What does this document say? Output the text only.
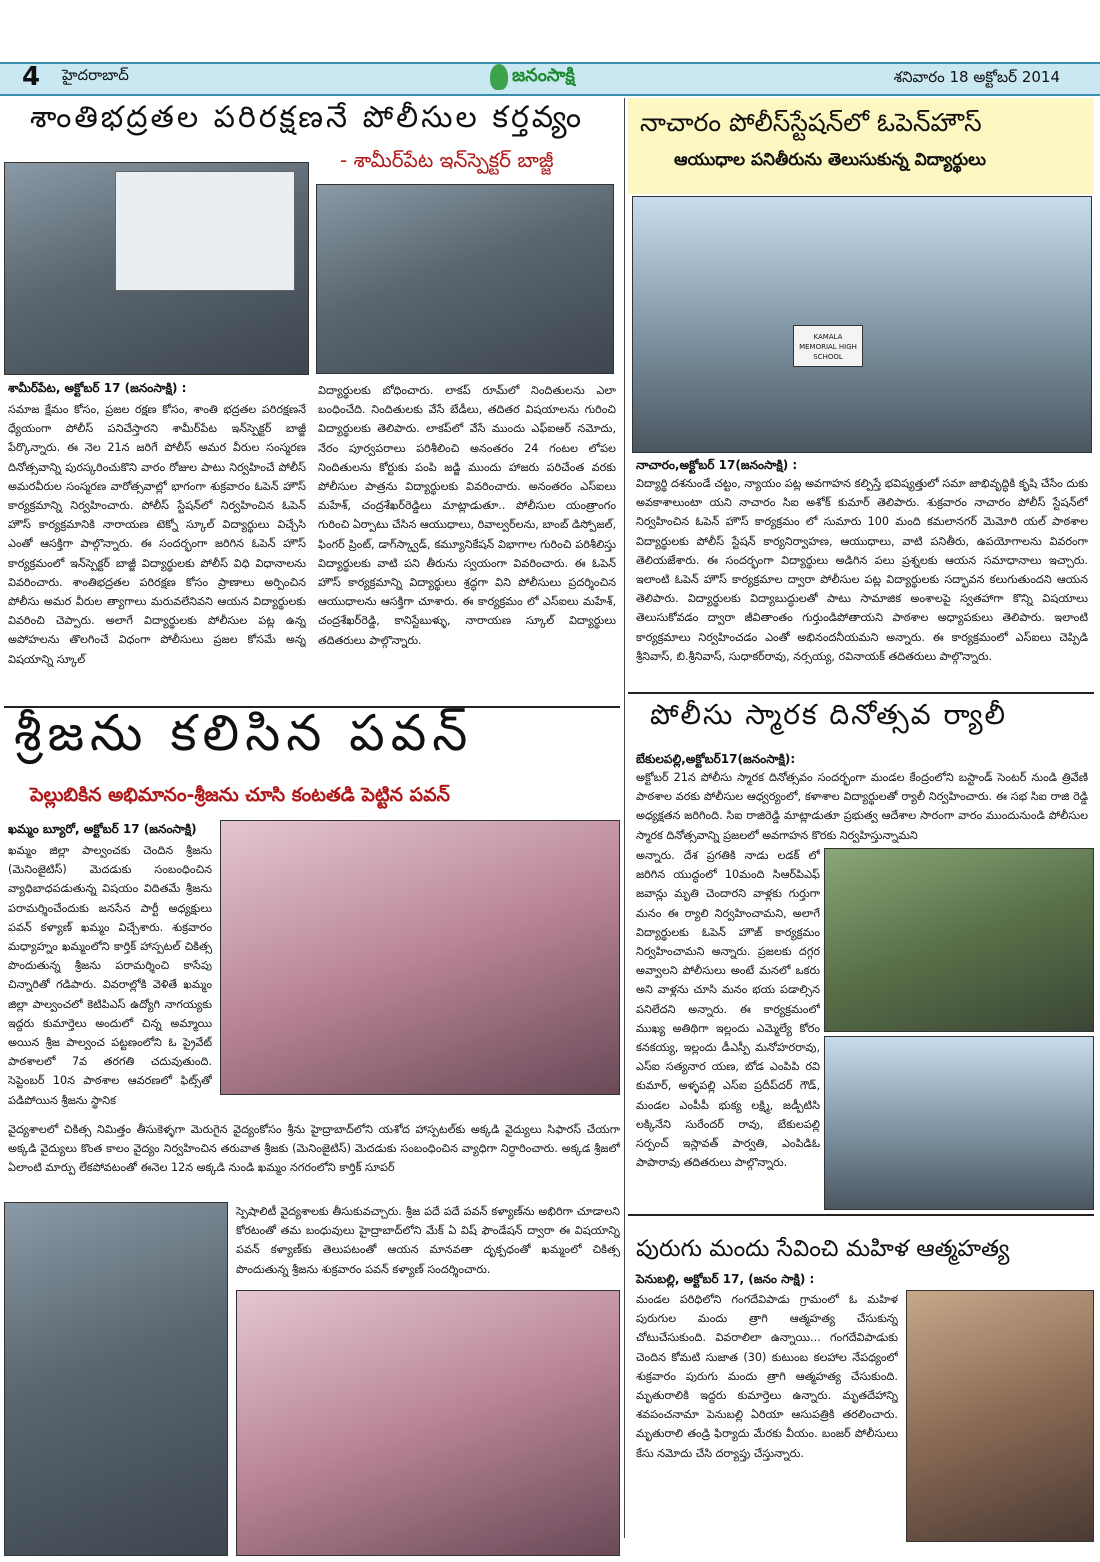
4 హైదరాబాద్	జనంసాక్షి	శనివారం 18 అక్టోబర్ 2014
శాంతిభద్రతల పరిరక్షణనే పోలీసుల కర్తవ్యం
- శామీర్‌పేట ఇన్‌స్పెక్టర్ బాజ్జీ
శామీర్‌పేట, అక్టోబర్ 17 (జనంసాక్షి) :
సమాజ క్షేమం కోసం, ప్రజల రక్షణ కోసం, శాంతి భద్రతల పరిరక్షణనే ధ్యేయంగా పోలీస్ పనిచేస్తారని శామీర్‌పేట ఇన్‌స్పెక్టర్ బాజ్జీ పేర్కొన్నారు. ఈ నెల 21న జరిగే పోలీస్ అమర వీరుల సంస్మరణ దినోత్సవాన్ని పురస్కరించుకొని వారం రోజుల పాటు నిర్వహించే పోలీస్ అమరవీరుల సంస్మరణ వారోత్సవాల్లో భాగంగా శుక్రవారం ఓపెన్ హౌస్ కార్యక్రమాన్ని నిర్వహించారు. పోలీస్ స్టేషన్‌లో నిర్వహించిన ఓపెన్ హౌస్ కార్యక్రమానికి నారాయణ టెక్నో స్కూల్ విద్యార్థులు విచ్చేసి ఎంతో ఆసక్తిగా పాల్గొన్నారు. ఈ సందర్భంగా జరిగిన ఓపెన్ హౌస్ కార్యక్రమంలో ఇన్‌స్పెక్టర్ బాజ్జీ విద్యార్థులకు పోలీస్ విధి విధానాలను వివరించారు. శాంతిభద్రతల పరిరక్షణ కోసం ప్రాణాలు అర్పించిన పోలీసు అమర వీరుల త్యాగాలు మరువలేనివని ఆయన విద్యార్థులకు వివరించి చెప్పారు. అలాగే విద్యార్థులకు పోలీసుల పట్ల ఉన్న అపోహలను తొలగించే విధంగా పోలీసులు ప్రజల కోసమే అన్న విషయాన్ని స్కూల్
విద్యార్థులకు బోధించారు. లాకప్ రూమ్‌లో నిందితులను ఎలా బంధించేది. నిందితులకు వేసే బేడీలు, తదితర విషయాలను గురించి విద్యార్థులకు తెలిపారు. లాకప్‌లో వేసే ముందు ఎఫ్ఐఆర్ నమోదు, నేరం పూర్వపరాలు పరిశీలించి అనంతరం 24 గంటల లోపల నిందితులను కోర్టుకు పంపి జడ్జి ముందు హాజరు పరిచేంత వరకు పోలీసుల పాత్రను విద్యార్థులకు వివరించారు. అనంతరం ఎస్ఐలు మహేశ్, చంద్రశేఖర్‌రెడ్డిలు మాట్లాడుతూ.. పోలీసుల యంత్రాంగం గురించి ఏర్పాటు చేసిన ఆయుధాలు, రివాల్వర్‌లను, బాంబ్ డిస్పోజల్, ఫింగర్ ప్రింట్, డాగ్‌స్క్వాడ్, కమ్యూనికేషన్ విభాగాల గురించి పరిశీలిస్తు విద్యార్థులకు వాటి పని తీరును స్వయంగా వివరించారు. ఈ ఓపెన్ హౌస్ కార్యక్రమాన్ని విద్యార్థులు శ్రద్ధగా విని పోలీసులు ప్రదర్శించిన ఆయుధాలను ఆసక్తిగా చూశారు. ఈ కార్యక్రమం లో ఎస్ఐలు మహేశ్, చంద్రశేఖర్‌రెడ్డి, కానిస్టేబుళ్ళు, నారాయణ స్కూల్ విద్యార్థులు తదితరులు పాల్గొన్నారు.
నాచారం పోలీస్‌స్టేషన్‌లో ఓపెన్‌హౌస్
ఆయుధాల పనితీరును తెలుసుకున్న విద్యార్థులు
KAMALA MEMORIAL HIGH SCHOOL
నాచారం,అక్టోబర్ 17(జనంసాక్షి) :
విద్యార్థి దశనుండే చట్టం, న్యాయం పట్ల అవగాహన కల్పిస్తే భవిష్యత్తులో సమా జాభివృద్ధికి కృషి చేసేం దుకు అవకాశాలుంటా యని నాచారం సిఐ అశోక్ కుమార్ తెలిపారు. శుక్రవారం నాచారం పోలీస్ స్టేషన్‌లో నిర్వహించిన ఓపెన్ హౌస్ కార్యక్రమం లో సుమారు 100 మంది కమలానగర్ మెమోరి యల్ పాఠశాల విద్యార్థులకు పోలీస్ స్టేషన్ కార్యనిర్వాహణ, ఆయుధాలు, వాటి పనితీరు, ఉపయోగాలను వివరంగా తెలియజేశారు. ఈ సందర్భంగా విద్యార్థులు అడిగిన పలు ప్రశ్నలకు ఆయన సమాధానాలు ఇచ్చారు. ఇలాంటి ఓపెన్ హౌస్ కార్యక్రమాల ద్వారా పోలీసుల పట్ల విద్యార్థులకు సద్భావన కలుగుతుందని ఆయన తెలిపారు. విద్యార్థులకు విద్యాబుద్ధులతో పాటు సామాజిక అంశాలపై స్వతహాగా కొన్ని విషయాలు తెలుసుకోవడం ద్వారా జీవితాంతం గుర్తుండిపోతాయని పాఠశాల అధ్యాపకులు తెలిపారు. ఇలాంటి కార్యక్రమాలు నిర్వహించడం ఎంతో అభినందనీయమని అన్నారు. ఈ కార్యక్రమంలో ఎస్ఐలు చెప్పిడి శ్రీనివాస్, బి.శ్రీనివాస్, సుధాకర్‌రావు, నర్సయ్య, రవినాయక్ తదితరులు పాల్గొన్నారు.
శ్రీజను కలిసిన పవన్
పెల్లుబికిన అభిమానం-శ్రీజను చూసి కంటతడి పెట్టిన పవన్
ఖమ్మం బ్యూరో, అక్టోబర్ 17 (జనంసాక్షి)
ఖమ్మం జిల్లా పాల్వంచకు చెందిన శ్రీజను (మెనింజైటిస్) మెదడుకు సంబంధించిన వ్యాధిబాధపడుతున్న విషయం విదితమే శ్రీజను పరామర్శించేందుకు జనసేన పార్టీ అధ్యక్షులు పవన్ కళ్యాణ్ ఖమ్మం విచ్చేశారు. శుక్రవారం మధ్యాహ్నం ఖమ్మంలోని కార్తిక్ హాస్పటల్ చికిత్స పొందుతున్న శ్రీజను పరామర్శించి కాసేపు చిన్నారితో గడిపారు. వివరాల్లోకి వెళితే ఖమ్మం జిల్లా పాల్వంచలో కెటిపిఎస్ ఉద్యోగి నాగయ్యకు ఇద్దరు కుమార్తెలు అందులో చిన్న అమ్మాయి అయిన శ్రీజ పాల్వంచ పట్టణంలోని ఓ ప్రైవేట్ పాఠశాలలో 7వ తరగతి చదువుతుంది. సెప్టెంబర్ 10న పాఠశాల ఆవరణలో ఫిట్స్‌తో పడిపోయిన శ్రీజను స్థానిక
వైద్యశాలలో చికిత్స నిమిత్తం తీసుకెళ్ళగా మెరుగైన వైద్యంకోసం శ్రీను హైద్రాబాద్‌లోని యశోద హాస్పటల్‌కు అక్కడి వైద్యులు సిఫారస్ చేయగా అక్కడి వైద్యులు కొంత కాలం వైద్యం నిర్వహించిన తరువాత శ్రీజకు (మెనింజైటిస్) మెదడుకు సంబంధించిన వ్యాధిగా నిర్ధారించారు. అక్కడ శ్రీజలో ఏలాంటి మార్పు లేకపోవటంతో ఈనెల 12న అక్కడి నుండి ఖమ్మం నగరంలోని కార్తిక్ సూపర్
స్పెషాలిటీ వైద్యశాలకు తీసుకువచ్చారు. శ్రీజ పదే పదే పవన్ కళ్యాణ్‌ను అభిరిగా చూడాలని కోరటంతో తమ బంధువులు హైద్రాబాద్‌లోని మేక్ ఏ విష్ ఫౌండేషన్ ద్వారా ఈ విషయాన్ని పవన్ కళ్యాణ్‌కు తెలుపటంతో ఆయన మానవతా దృక్పధంతో ఖమ్మంలో చికిత్స పొందుతున్న శ్రీజను శుక్రవారం పవన్ కళ్యాణ్ సందర్శించారు.
పోలీసు స్మారక దినోత్సవ ర్యాలీ
బేకులపల్లి,అక్టోబర్17(జనంసాక్షి):
అక్టోబర్ 21న పోలీసు స్మారక దినోత్సవం సందర్భంగా మండల కేంద్రంలోని బస్టాండ్ సెంటర్ నుండి త్రివేణి పాఠశాల వరకు పోలీసుల ఆధ్వర్యంలో, కళాశాల విద్యార్థులతో ర్యాలీ నిర్వహించారు. ఈ సభ సిఐ రాజి రెడ్డి అధ్యక్షతన జరిగింది. సిఐ రాజిరెడ్డి మాట్లాడుతూ ప్రభుత్వ ఆదేశాల సారంగా వారం ముందునుండి పోలీసుల స్మారక దినోత్సవాన్ని ప్రజలలో అవగాహన కొరకు నిర్వహిస్తున్నామని
అన్నారు. దేశ ప్రగతికి నాడు లడక్ లో జరిగిన యుద్ధంలో 10మంది సిఆర్‌పిఎఫ్ జవాన్లు మృతి చెందారని వాళ్లకు గుర్తుగా మనం ఈ ర్యాలి నిర్వహించామని, అలాగే విద్యార్థులకు ఓపెన్ హౌజ్ కార్యక్రమం నిర్వహించామని అన్నారు. ప్రజలకు దగ్గర అవ్వాలని పోలీసులు అంటే మనలో ఒకరు అని వాళ్లను చూసి మనం భయ పడాల్సిన పనిలేదని అన్నారు. ఈ కార్యక్రమంలో ముఖ్య అతిథిగా ఇల్లందు ఎమ్మెల్యే కోరం కనకయ్య, ఇల్లందు డీఎస్పీ మనోహరరావు, ఎస్ఐ సత్యనార యణ, బోడ ఎంపిపి రవి కుమార్, అళ్ళపల్లి ఎస్ఐ ప్రదీప్‌దర్ గౌడ్, మండల ఎంపీపీ భుక్య లక్ష్మి, జడ్పీటిసి లక్కినేని సురేందర్ రావు, బేకులపల్లి సర్పంచ్ ఇస్లావత్ పార్వతి, ఎంపిడిఓ పాపారావు తదితరులు పాల్గొన్నారు.
పురుగు మందు సేవించి మహిళ ఆత్మహత్య
పెనుబల్లి, అక్టోబర్ 17, (జనం సాక్షి) :
మండల పరిధిలోని గంగదేవిపాడు గ్రామంలో ఓ మహిళ పురుగుల మందు త్రాగి ఆత్మహత్య చేసుకున్న చోటుచేసుకుంది. వివరాలిలా ఉన్నాయి... గంగదేవిపాడుకు చెందిన కోమటి సుజాత (30) కుటుంబ కలహాల నేపధ్యంలో శుక్రవారం పురుగు మందు త్రాగి ఆత్మహత్య చేసుకుంది. మృతురాలికి ఇద్దరు కుమార్తెలు ఉన్నారు. మృతదేహాన్ని శవపంచనామా పెనుబల్లి ఏరియా ఆసుపత్రికి తరలించారు. మృతురాలి తండ్రి ఫిర్యాదు మేరకు వీయం. బంజర్ పోలీసులు కేసు నమోదు చేసి దర్యాప్తు చేస్తున్నారు.
